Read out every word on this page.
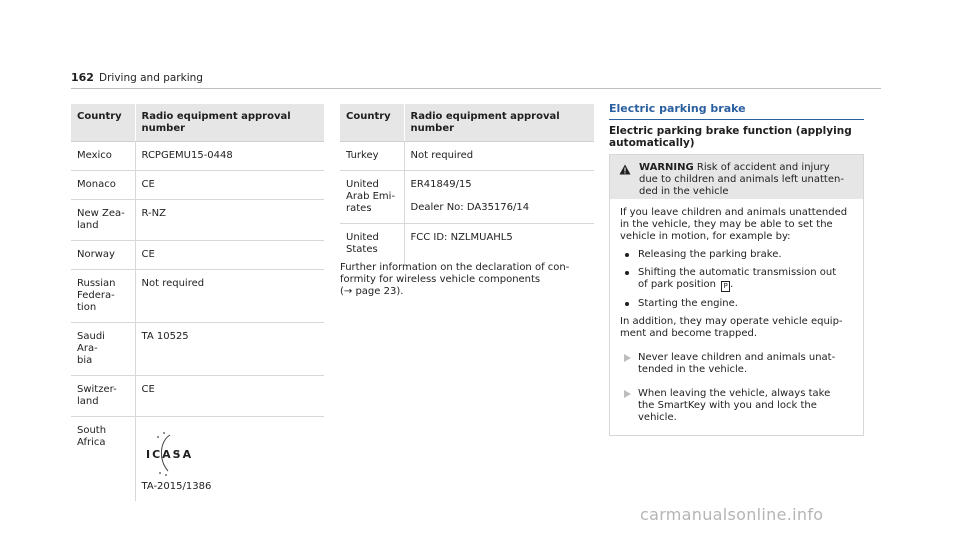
162 Driving and parking
Country	Radio equipment approval number
Mexico	RCPGEMU15-0448
Monaco	CE
New Zea-
land	R-NZ
Norway	CE
Russian
Federa-
tion	Not required
Saudi Ara-
bia	TA 10525
Switzer-
land	CE
South
Africa	ICASA
TA-2015/1386
Country	Radio equipment approval number
Turkey	Not required
United
Arab Emi-
rates	ER41849/15
Dealer No: DA35176/14

United
States	FCC ID: NZLMUAHL5
Further information on the declaration of con-
formity for wireless vehicle components
(→ page 23).
Electric parking brake
Electric parking brake function (applying
automatically)
WARNING Risk of accident and injury
due to children and animals left unatten-
ded in the vehicle

If you leave children and animals unattended
in the vehicle, they may be able to set the
vehicle in motion, for example by:

Releasing the parking brake.
Shifting the automatic transmission out
of park position P .
Starting the engine.

In addition, they may operate vehicle equip-
ment and become trapped.

Never leave children and animals unat-
tended in the vehicle.
When leaving the vehicle, always take
the SmartKey with you and lock the
vehicle.
carmanualsonline.info
